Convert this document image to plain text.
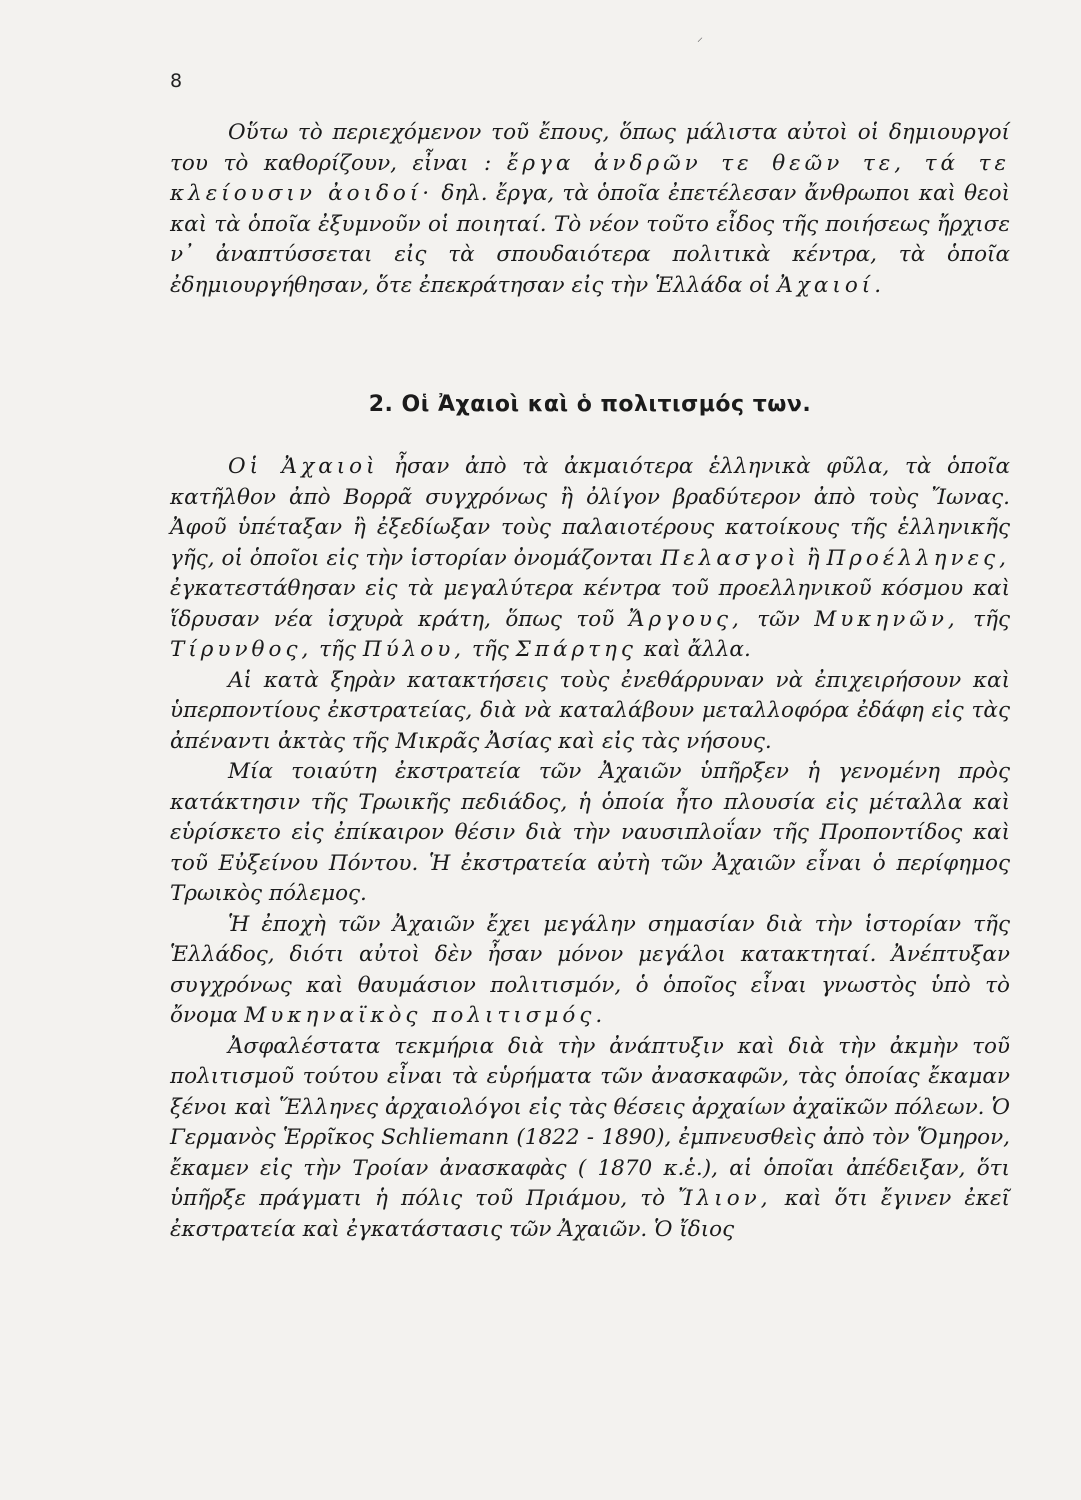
8
⸝

Οὕτω τὸ περιεχόμενον τοῦ ἔπους, ὅπως μάλιστα αὐτοὶ οἱ δημιουργοί του τὸ καθορίζουν, εἶναι : ἔργα ἀνδρῶν τε θεῶν τε, τά τε κλείουσιν ἀοιδοί· δηλ. ἔργα, τὰ ὁποῖα ἐπετέλεσαν ἄνθρωποι καὶ θεοὶ καὶ τὰ ὁποῖα ἐξυμνοῦν οἱ ποιηταί. Τὸ νέον τοῦτο εἶδος τῆς ποιήσεως ἤρχισε ν᾿ ἀναπτύσσεται εἰς τὰ σπουδαιότερα πολιτικὰ κέντρα, τὰ ὁποῖα ἐδημιουργήθησαν, ὅτε ἐπεκράτησαν εἰς τὴν Ἑλλάδα οἱ Ἀχαιοί.

2. Οἱ Ἀχαιοὶ καὶ ὁ πολιτισμός των.

Οἱ Ἀχαιοὶ ἦσαν ἀπὸ τὰ ἀκμαιότερα ἑλληνικὰ φῦλα, τὰ ὁποῖα κατῆλθον ἀπὸ Βορρᾶ συγχρόνως ἢ ὀλίγον βραδύτερον ἀπὸ τοὺς Ἴωνας. Ἀφοῦ ὑπέταξαν ἢ ἐξεδίωξαν τοὺς παλαιοτέρους κατοίκους τῆς ἑλληνικῆς γῆς, οἱ ὁποῖοι εἰς τὴν ἱστορίαν ὀνομάζονται Πελασγοὶ ἢ Προέλληνες, ἐγκατεστάθησαν εἰς τὰ μεγαλύτερα κέντρα τοῦ προελληνικοῦ κόσμου καὶ ἵδρυσαν νέα ἰσχυρὰ κράτη, ὅπως τοῦ Ἄργους, τῶν Μυκηνῶν, τῆς Τίρυνθος, τῆς Πύλου, τῆς Σπάρτης καὶ ἄλλα.

Αἱ κατὰ ξηρὰν κατακτήσεις τοὺς ἐνεθάρρυναν νὰ ἐπιχειρήσουν καὶ ὑπερποντίους ἐκστρατείας, διὰ νὰ καταλάβουν μεταλλοφόρα ἐδάφη εἰς τὰς ἀπέναντι ἀκτὰς τῆς Μικρᾶς Ἀσίας καὶ εἰς τὰς νήσους.

Μία τοιαύτη ἐκστρατεία τῶν Ἀχαιῶν ὑπῆρξεν ἡ γενομένη πρὸς κατάκτησιν τῆς Τρωικῆς πεδιάδος, ἡ ὁποία ἦτο πλουσία εἰς μέταλλα καὶ εὑρίσκετο εἰς ἐπίκαιρον θέσιν διὰ τὴν ναυσιπλοΐαν τῆς Προποντίδος καὶ τοῦ Εὐξείνου Πόντου. Ἡ ἐκστρατεία αὐτὴ τῶν Ἀχαιῶν εἶναι ὁ περίφημος Τρωικὸς πόλεμος.

Ἡ ἐποχὴ τῶν Ἀχαιῶν ἔχει μεγάλην σημασίαν διὰ τὴν ἱστορίαν τῆς Ἑλλάδος, διότι αὐτοὶ δὲν ἦσαν μόνον μεγάλοι κατακτηταί. Ἀνέπτυξαν συγχρόνως καὶ θαυμάσιον πολιτισμόν, ὁ ὁποῖος εἶναι γνωστὸς ὑπὸ τὸ ὄνομα Μυκηναϊκὸς πολιτισμός.

Ἀσφαλέστατα τεκμήρια διὰ τὴν ἀνάπτυξιν καὶ διὰ τὴν ἀκμὴν τοῦ πολιτισμοῦ τούτου εἶναι τὰ εὑρήματα τῶν ἀνασκαφῶν, τὰς ὁποίας ἔκαμαν ξένοι καὶ Ἕλληνες ἀρχαιολόγοι εἰς τὰς θέσεις ἀρχαίων ἀχαϊκῶν πόλεων. Ὁ Γερμανὸς Ἑρρῖκος Schliemann (1822 - 1890), ἐμπνευσθεὶς ἀπὸ τὸν Ὅμηρον, ἔκαμεν εἰς τὴν Τροίαν ἀνασκαφὰς ( 1870 κ.ἑ.), αἱ ὁποῖαι ἀπέδειξαν, ὅτι ὑπῆρξε πράγματι ἡ πόλις τοῦ Πριάμου, τὸ Ἴλιον, καὶ ὅτι ἔγινεν ἐκεῖ ἐκστρατεία καὶ ἐγκατάστασις τῶν Ἀχαιῶν. Ὁ ἴδιος
